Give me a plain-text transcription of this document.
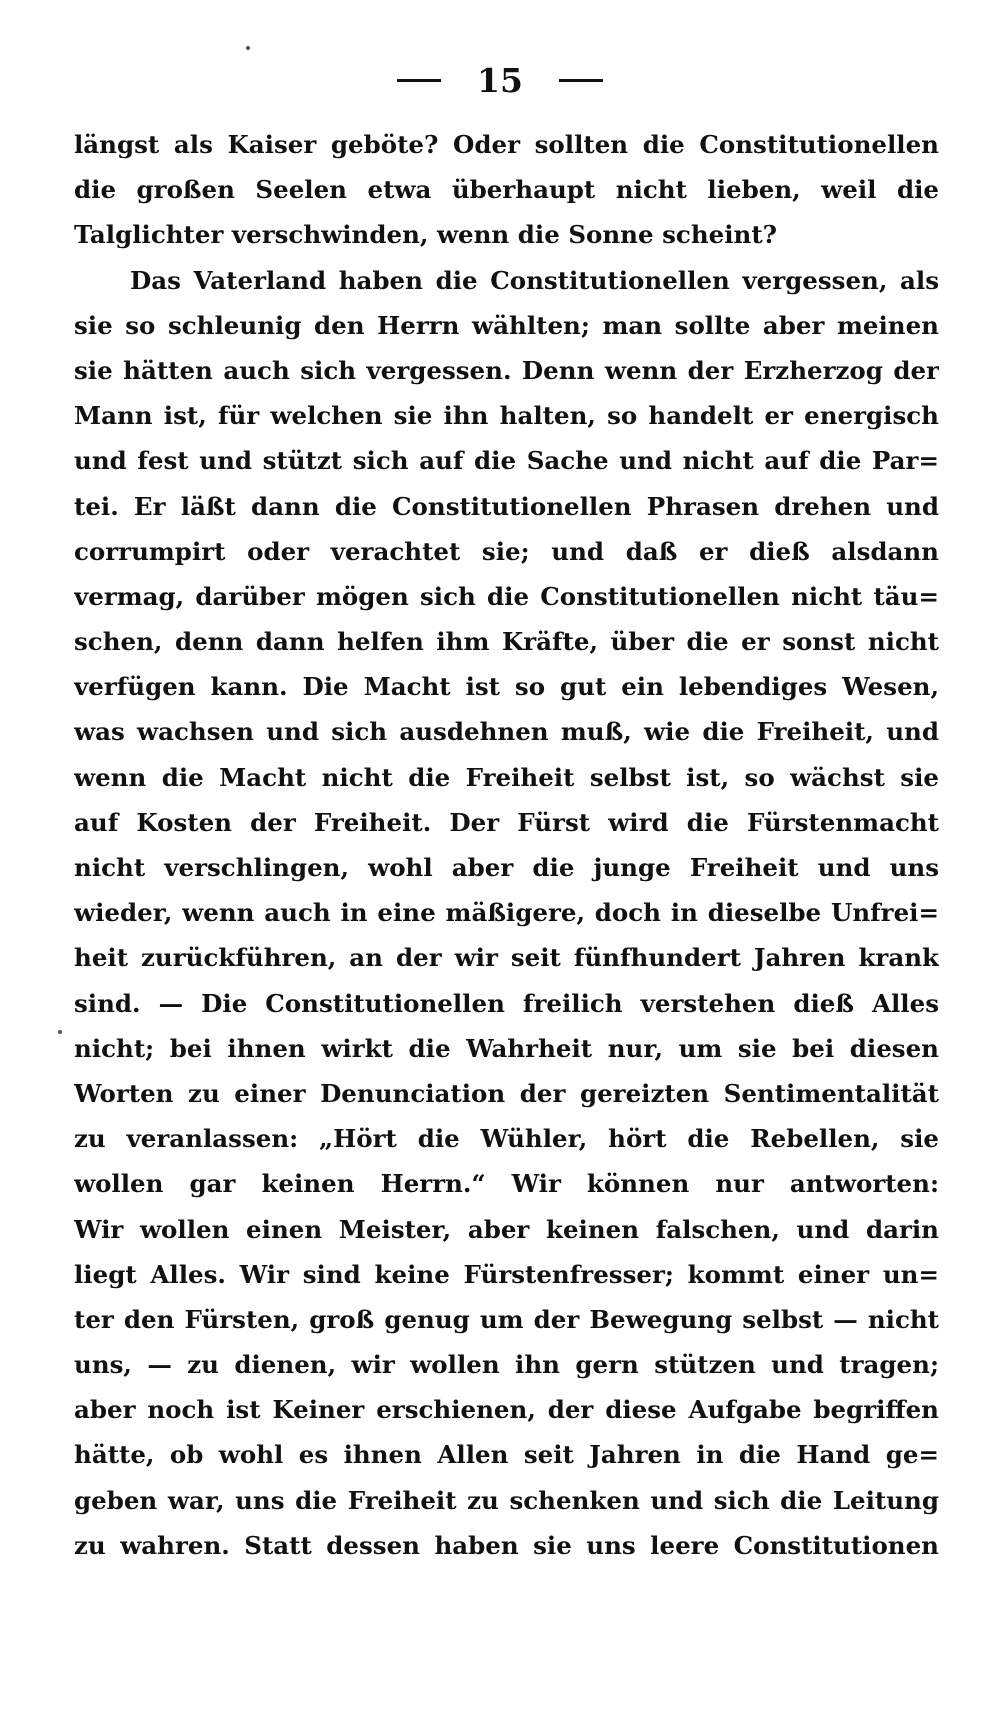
15
längst als Kaiser geböte? Oder sollten die Constitutionellen
die großen Seelen etwa überhaupt nicht lieben, weil die
Talglichter verschwinden, wenn die Sonne scheint?
Das Vaterland haben die Constitutionellen vergessen, als
sie so schleunig den Herrn wählten; man sollte aber meinen
sie hätten auch sich vergessen. Denn wenn der Erzherzog der
Mann ist, für welchen sie ihn halten, so handelt er energisch
und fest und stützt sich auf die Sache und nicht auf die Par=
tei. Er läßt dann die Constitutionellen Phrasen drehen und
corrumpirt oder verachtet sie; und daß er dieß alsdann
vermag, darüber mögen sich die Constitutionellen nicht täu=
schen, denn dann helfen ihm Kräfte, über die er sonst nicht
verfügen kann. Die Macht ist so gut ein lebendiges Wesen,
was wachsen und sich ausdehnen muß, wie die Freiheit, und
wenn die Macht nicht die Freiheit selbst ist, so wächst sie
auf Kosten der Freiheit. Der Fürst wird die Fürstenmacht
nicht verschlingen, wohl aber die junge Freiheit und uns
wieder, wenn auch in eine mäßigere, doch in dieselbe Unfrei=
heit zurückführen, an der wir seit fünfhundert Jahren krank
sind. — Die Constitutionellen freilich verstehen dieß Alles
nicht; bei ihnen wirkt die Wahrheit nur, um sie bei diesen
Worten zu einer Denunciation der gereizten Sentimentalität
zu veranlassen: „Hört die Wühler, hört die Rebellen, sie
wollen gar keinen Herrn.“ Wir können nur antworten:
Wir wollen einen Meister, aber keinen falschen, und darin
liegt Alles. Wir sind keine Fürstenfresser; kommt einer un=
ter den Fürsten, groß genug um der Bewegung selbst — nicht
uns, — zu dienen, wir wollen ihn gern stützen und tragen;
aber noch ist Keiner erschienen, der diese Aufgabe begriffen
hätte, ob wohl es ihnen Allen seit Jahren in die Hand ge=
geben war, uns die Freiheit zu schenken und sich die Leitung
zu wahren. Statt dessen haben sie uns leere Constitutionen
